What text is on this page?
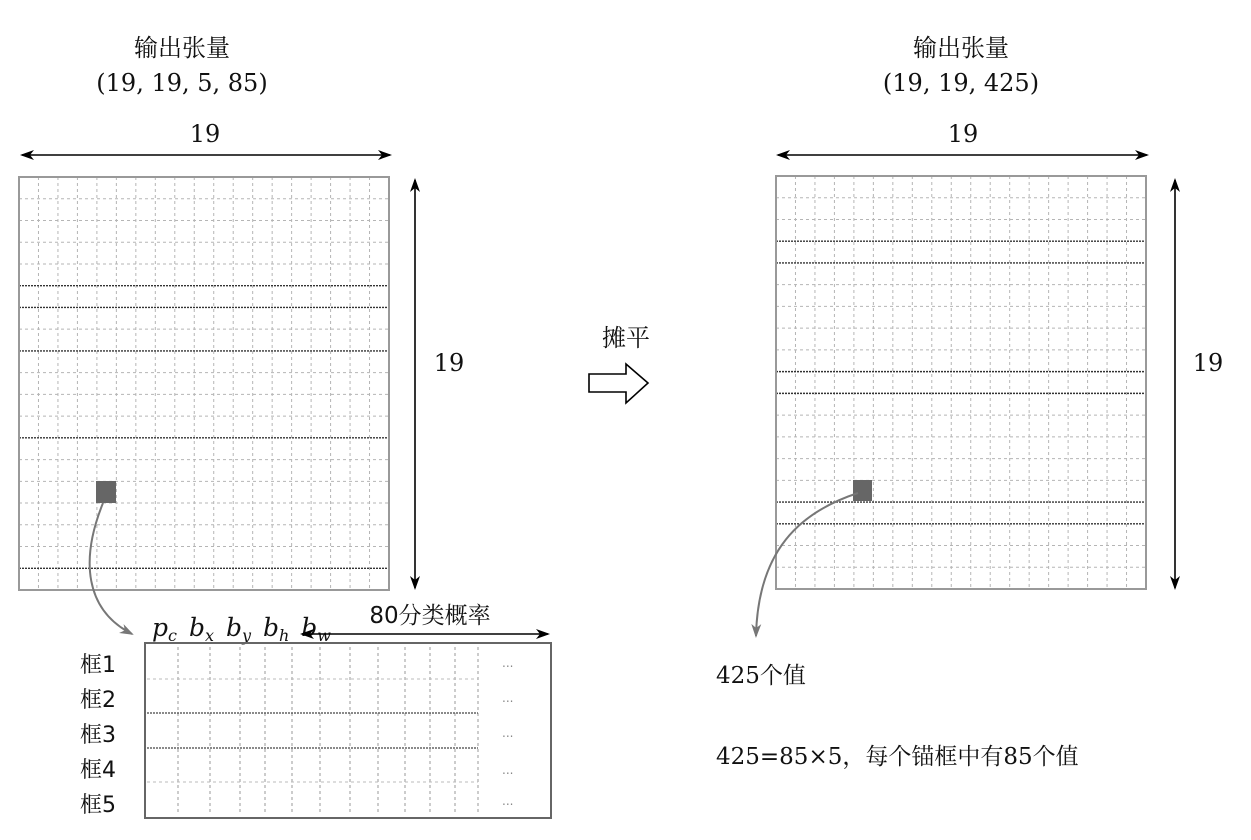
输出张量
(19, 19, 5, 85)
19
19
摊平
输出张量
(19, 19, 425)
19
19
425个值
425=85×5，每个锚框中有85个值
$p_c$ $b_x$ $b_y$ $b_h$ $b_w$
80分类概率
框1
框2
框3
框4
框5
...
...
...
...
...
